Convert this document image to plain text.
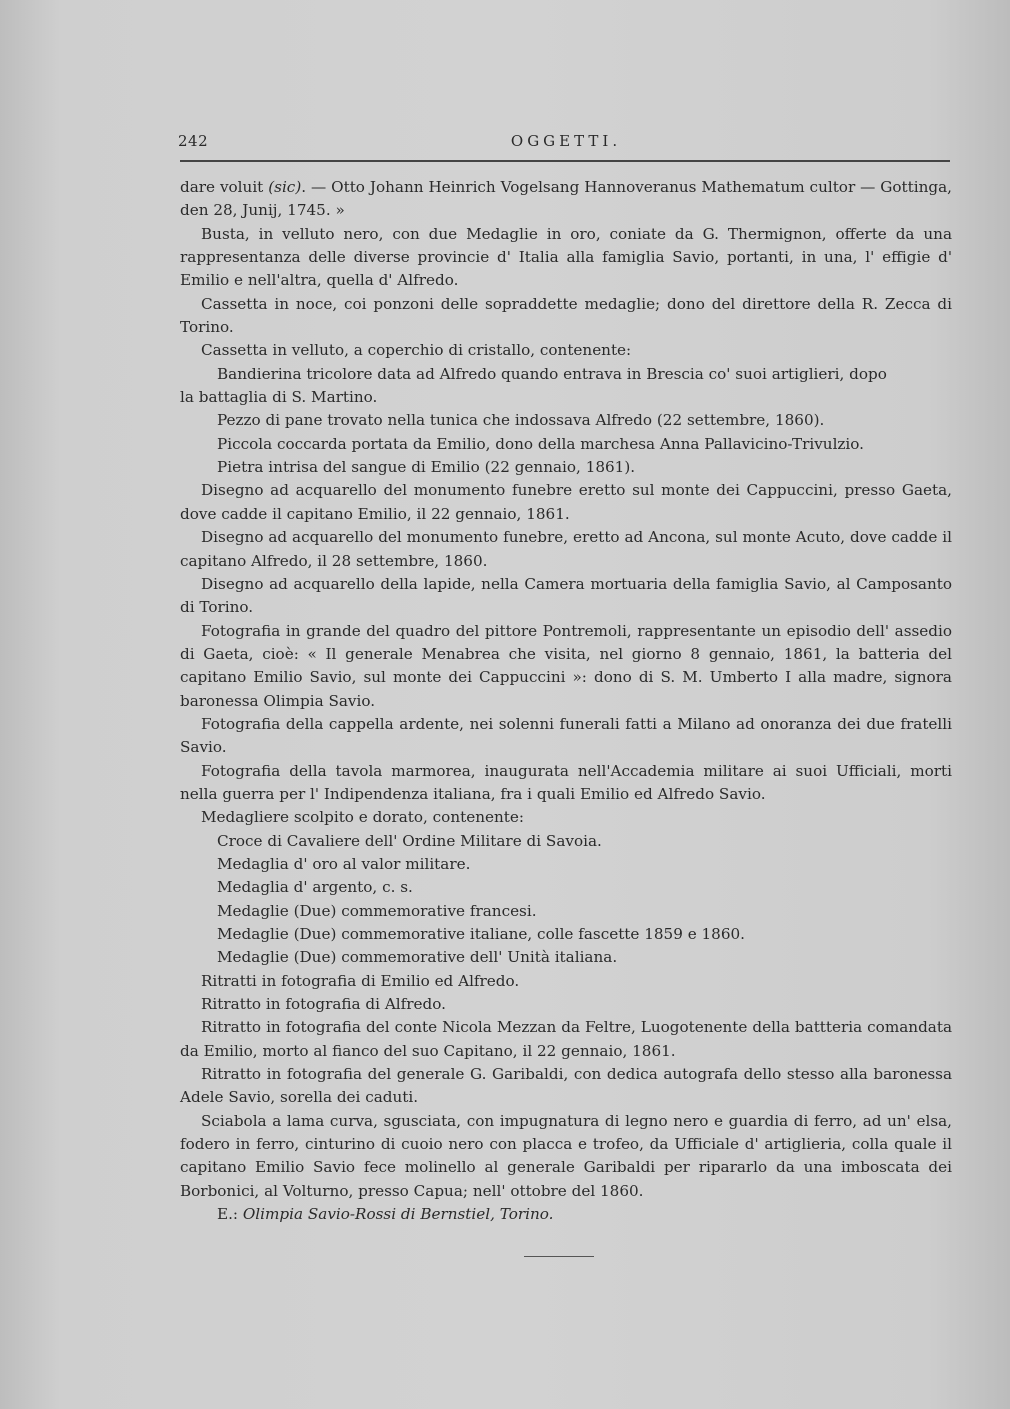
242	OGGETTI.

dare voluit (sic). — Otto Johann Heinrich Vogelsang Hannoveranus Mathematum cultor — Gottinga, den 28, Junij, 1745. »

Busta, in velluto nero, con due Medaglie in oro, coniate da G. Thermignon, offerte da una rappresentanza delle diverse provincie d' Italia alla famiglia Savio, portanti, in una, l' effigie d' Emilio e nell'altra, quella d' Alfredo.

Cassetta in noce, coi ponzoni delle sopraddette medaglie; dono del direttore della R. Zecca di Torino.

Cassetta in velluto, a coperchio di cristallo, contenente:

Bandierina tricolore data ad Alfredo quando entrava in Brescia co' suoi artiglieri, dopo

la battaglia di S. Martino.

Pezzo di pane trovato nella tunica che indossava Alfredo (22 settembre, 1860).

Piccola coccarda portata da Emilio, dono della marchesa Anna Pallavicino-Trivulzio.

Pietra intrisa del sangue di Emilio (22 gennaio, 1861).

Disegno ad acquarello del monumento funebre eretto sul monte dei Cappuccini, presso Gaeta, dove cadde il capitano Emilio, il 22 gennaio, 1861.

Disegno ad acquarello del monumento funebre, eretto ad Ancona, sul monte Acuto, dove cadde il capitano Alfredo, il 28 settembre, 1860.

Disegno ad acquarello della lapide, nella Camera mortuaria della famiglia Savio, al Camposanto di Torino.

Fotografia in grande del quadro del pittore Pontremoli, rappresentante un episodio dell' assedio di Gaeta, cioè: « Il generale Menabrea che visita, nel giorno 8 gennaio, 1861, la batteria del capitano Emilio Savio, sul monte dei Cappuccini »: dono di S. M. Umberto I alla madre, signora baronessa Olimpia Savio.

Fotografia della cappella ardente, nei solenni funerali fatti a Milano ad onoranza dei due fratelli Savio.

Fotografia della tavola marmorea, inaugurata nell'Accademia militare ai suoi Ufficiali, morti nella guerra per l' Indipendenza italiana, fra i quali Emilio ed Alfredo Savio.

Medagliere scolpito e dorato, contenente:

Croce di Cavaliere dell' Ordine Militare di Savoia.

Medaglia d' oro al valor militare.

Medaglia d' argento, c. s.

Medaglie (Due) commemorative francesi.

Medaglie (Due) commemorative italiane, colle fascette 1859 e 1860.

Medaglie (Due) commemorative dell' Unità italiana.

Ritratti in fotografia di Emilio ed Alfredo.

Ritratto in fotografia di Alfredo.

Ritratto in fotografia del conte Nicola Mezzan da Feltre, Luogotenente della battteria comandata da Emilio, morto al fianco del suo Capitano, il 22 gennaio, 1861.

Ritratto in fotografia del generale G. Garibaldi, con dedica autografa dello stesso alla baronessa Adele Savio, sorella dei caduti.

Sciabola a lama curva, sgusciata, con impugnatura di legno nero e guardia di ferro, ad un' elsa, fodero in ferro, cinturino di cuoio nero con placca e trofeo, da Ufficiale d' artiglieria, colla quale il capitano Emilio Savio fece molinello al generale Garibaldi per ripararlo da una imboscata dei Borbonici, al Volturno, presso Capua; nell' ottobre del 1860.

E.: Olimpia Savio-Rossi di Bernstiel, Torino.
